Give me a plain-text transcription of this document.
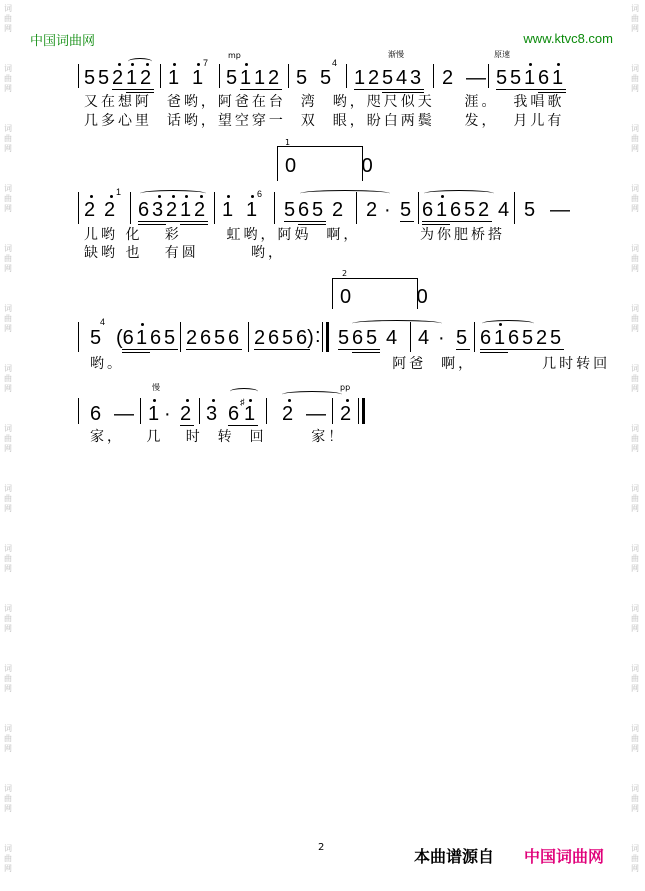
词
曲
网
词
曲
网
词
曲
网
词
曲
网
词
曲
网
词
曲
网
词
曲
网
词
曲
网
词
曲
网
词
曲
网
词
曲
网
词
曲
网
词
曲
网
词
曲
网
词
曲
网
词
曲
网
词
曲
网
词
曲
网
词
曲
网
词
曲
网
词
曲
网
词
曲
网
词
曲
网
词
曲
网
词
曲
网
词
曲
网
词
曲
网
词
曲
网
词
曲
网
词
曲
网
中国词曲网	www.ktvc8.com
5 5 2 1 2 1 1
7
mp
5 1 1 2 5 5
4
渐慢
1 2 5 4 3 2 —
原速
5 5 1 6 1
又在想阿  爸哟，阿爸在台  湾  哟，咫尺似天    涯。  我唱歌
几多心里  话哟，望空穿一  双  眼，盼白两鬓    发，  月儿有
1
0 0
2 2
1
6 3 2 1 2 1 1
6
5 6 5 2 2 · 5 6 1 6 5 2 4 5 —
儿哟 化   彩      虹哟，阿妈  啊，        为你肥桥搭
缺哟 也   有圆       哟，
2
0 0
5
4
(6 1 6 5 2 6 5 6 2 6 5 6) : 5 6 5 4 4 · 5 6 1 6 5 2 5
哟。                                    阿爸  啊，         几时转回
6 —
慢
1 · 2 3 6
♯
1
pp
2 — 2
家，   几   时  转  回      家！
2	本曲谱源自 中国词曲网
